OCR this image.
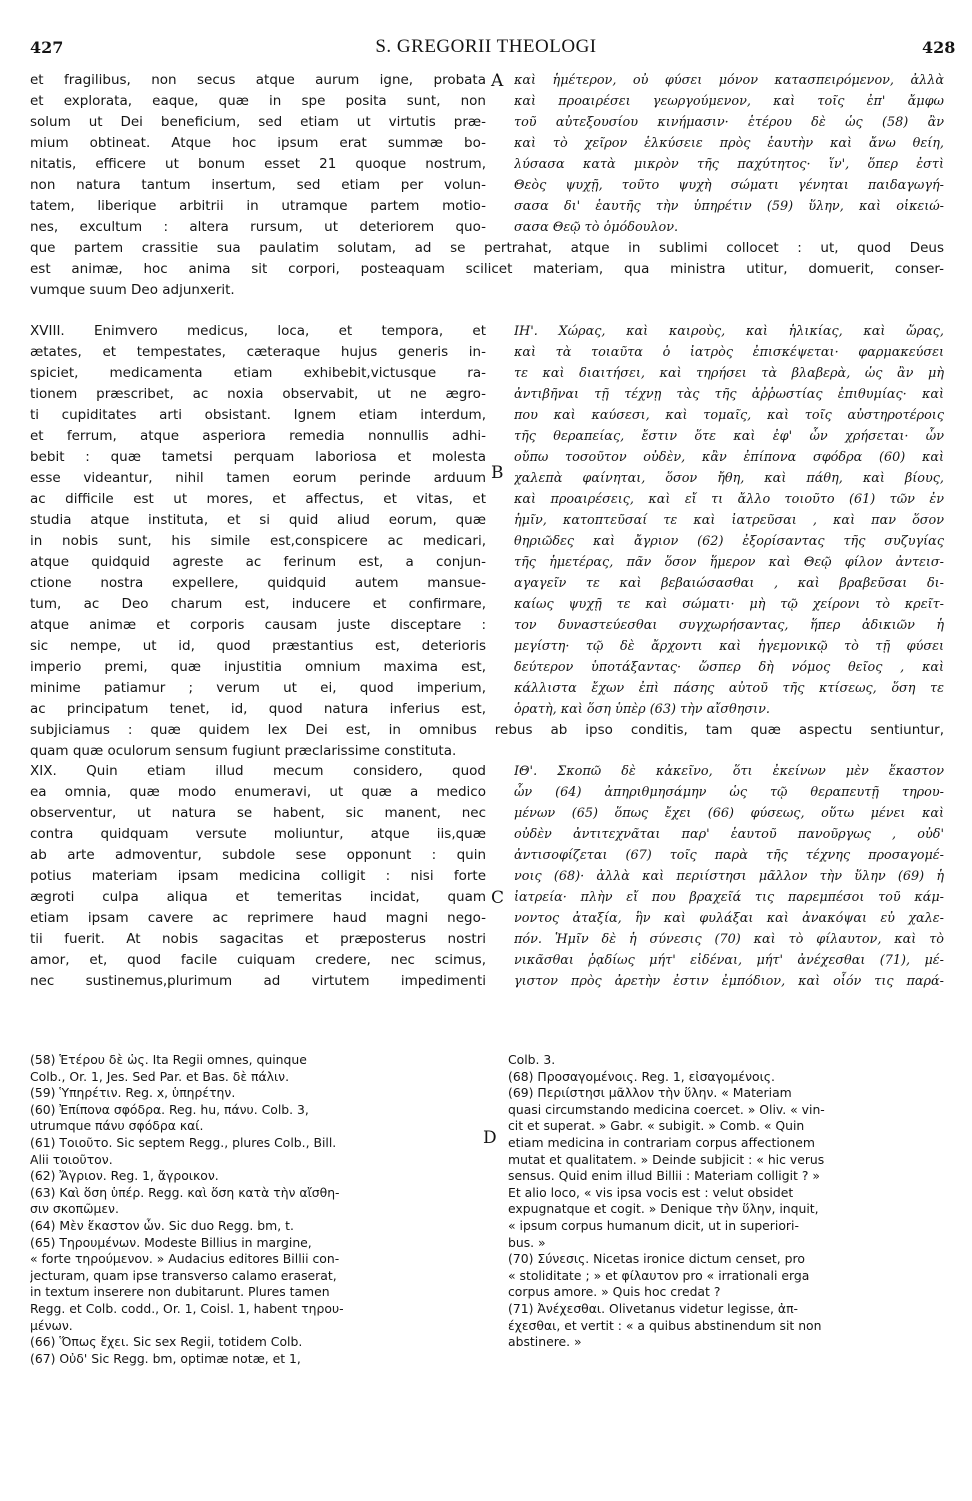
427	S. GREGORII THEOLOGI	428
A
B
C
D
et fragilibus, non secus atque aurum igne, probata
et explorata, eaque, quæ in spe posita sunt, non
solum ut Dei beneficium, sed etiam ut virtutis præ-
mium obtineat. Atque hoc ipsum erat summæ bo-
nitatis, efficere ut bonum esset 21 quoque nostrum,
non natura tantum insertum, sed etiam per volun-
tatem, liberique arbitrii in utramque partem motio-
nes, excultum : altera rursum, ut deteriorem quo-
καὶ ἡμέτερον, οὐ φύσει μόνον κατασπειρόμενον, ἀλλὰ
καὶ προαιρέσει γεωργούμενον, καὶ τοῖς ἐπ' ἄμφω
τοῦ αὐτεξουσίου κινήμασιν· ἑτέρου δὲ ὡς (58) ἂν
καὶ τὸ χεῖρον ἑλκύσειε πρὸς ἑαυτὴν καὶ ἄνω θείη,
λύσασα κατὰ μικρὸν τῆς παχύτητος· ἵν', ὅπερ ἐστὶ
Θεὸς ψυχῇ, τοῦτο ψυχὴ σώματι γένηται παιδαγωγή-
σασα δι' ἑαυτῆς τὴν ὑπηρέτιν (59) ὕλην, καὶ οἰκειώ-
σασα Θεῷ τὸ ὁμόδουλον.
que partem crassitie sua paulatim solutam, ad se pertrahat, atque in sublimi collocet : ut, quod Deus
est animæ, hoc anima sit corpori, posteaquam scilicet materiam, qua ministra utitur, domuerit, conser-
vumque suum Deo adjunxerit.
XVIII. Enimvero medicus, loca, et tempora, et
ætates, et tempestates, cæteraque hujus generis in-
spiciet, medicamenta etiam exhibebit,victusque ra-
tionem præscribet, ac noxia observabit, ut ne ægro-
ti cupiditates arti obsistant. Ignem etiam interdum,
et ferrum, atque asperiora remedia nonnullis adhi-
bebit : quæ tametsi perquam laboriosa et molesta
esse videantur, nihil tamen eorum perinde arduum
ac difficile est ut mores, et affectus, et vitas, et
studia atque instituta, et si quid aliud eorum, quæ
in nobis sunt, his simile est,conspicere ac medicari,
atque quidquid agreste ac ferinum est, a conjun-
ctione nostra expellere, quidquid autem mansue-
tum, ac Deo charum est, inducere et confirmare,
atque animæ et corporis causam juste disceptare :
sic nempe, ut id, quod præstantius est, deterioris
imperio premi, quæ injustitia omnium maxima est,
minime patiamur ; verum ut ei, quod imperium,
ac principatum tenet, id, quod natura inferius est,
ΙΗ'. Χώρας, καὶ καιροὺς, καὶ ἡλικίας, καὶ ὥρας,
καὶ τὰ τοιαῦτα ὁ ἰατρὸς ἐπισκέψεται· φαρμακεύσει
τε καὶ διαιτήσει, καὶ τηρήσει τὰ βλαβερὰ, ὡς ἂν μὴ
ἀντιβῆναι τῇ τέχνῃ τὰς τῆς ἀῤῥωστίας ἐπιθυμίας· καὶ
που καὶ καύσεσι, καὶ τομαῖς, καὶ τοῖς αὐστηροτέροις
τῆς θεραπείας, ἔστιν ὅτε καὶ ἐφ' ὧν χρήσεται· ὧν
οὔπω τοσοῦτον οὐδὲν, κἂν ἐπίπονα σφόδρα (60) καὶ
χαλεπὰ φαίνηται, ὅσον ἤθη, καὶ πάθη, καὶ βίους,
καὶ προαιρέσεις, καὶ εἴ τι ἄλλο τοιοῦτο (61) τῶν ἐν
ἡμῖν, κατοπτεῦσαί τε καὶ ἰατρεῦσαι , καὶ παν ὅσον
θηριῶδες καὶ ἄγριον (62) ἐξορίσαντας τῆς συζυγίας
τῆς ἡμετέρας, πᾶν ὅσον ἥμερον καὶ Θεῷ φίλον ἀντεισ-
αγαγεῖν τε καὶ βεβαιώσασθαι , καὶ βραβεῦσαι δι-
καίως ψυχῇ τε καὶ σώματι· μὴ τῷ χείρονι τὸ κρεῖτ-
τον δυναστεύεσθαι συγχωρήσαντας, ἥπερ ἀδικιῶν ἡ
μεγίστη· τῷ δὲ ἄρχοντι καὶ ἡγεμονικῷ τὸ τῇ φύσει
δεύτερον ὑποτάξαντας· ὥσπερ δὴ νόμος θεῖος , καὶ
κάλλιστα ἔχων ἐπὶ πάσης αὐτοῦ τῆς κτίσεως, ὅση τε
ὁρατὴ, καὶ ὅση ὑπὲρ (63) τὴν αἴσθησιν.
subjiciamus : quæ quidem lex Dei est, in omnibus rebus ab ipso conditis, tam quæ aspectu sentiuntur,
quam quæ oculorum sensum fugiunt præclarissime constituta.
XIX. Quin etiam illud mecum considero, quod
ea omnia, quæ modo enumeravi, ut quæ a medico
observentur, ut natura se habent, sic manent, nec
contra quidquam versute moliuntur, atque iis,quæ
ab arte admoventur, subdole sese opponunt : quin
potius materiam ipsam medicina colligit : nisi forte
ægroti culpa aliqua et temeritas incidat, quam
etiam ipsam cavere ac reprimere haud magni nego-
tii fuerit. At nobis sagacitas et præposterus nostri
amor, et, quod facile cuiquam credere, nec scimus,
nec sustinemus,plurimum ad virtutem impedimenti
ΙΘ'. Σκοπῶ δὲ κἀκεῖνο, ὅτι ἐκείνων μὲν ἕκαστον
ὧν (64) ἀπηριθμησάμην ὡς τῷ θεραπευτῇ τηρου-
μένων (65) ὅπως ἔχει (66) φύσεως, οὕτω μένει καὶ
οὐδὲν ἀντιτεχνᾶται παρ' ἑαυτοῦ πανοῦργως , οὐδ'
ἀντισοφίζεται (67) τοῖς παρὰ τῆς τέχνης προσαγομέ-
νοις (68)· ἀλλὰ καὶ περιίστησι μᾶλλον τὴν ὕλην (69) ἡ
ἰατρεία· πλὴν εἴ που βραχεῖά τις παρεμπέσοι τοῦ κάμ-
νοντος ἀταξία, ἣν καὶ φυλάξαι καὶ ἀνακόψαι εὐ χαλε-
πόν. Ἡμῖν δὲ ἡ σύνεσις (70) καὶ τὸ φίλαυτον, καὶ τὸ
νικᾶσθαι ῥᾳδίως μήτ' εἰδέναι, μήτ' ἀνέχεσθαι (71), μέ-
γιστον πρὸς ἀρετὴν ἐστιν ἐμπόδιον, καὶ οἷόν τις παρά-
(58) Ἑτέρου δὲ ὡς. Ita Regii omnes, quinque
Colb., Or. 1, Jes. Sed Par. et Bas. δὲ πάλιν.
(59) Ὑπηρέτιν. Reg. x, ὑπηρέτην.
(60) Ἐπίπονα σφόδρα. Reg. hu, πάνυ. Colb. 3,
utrumque πάνυ σφόδρα καί.
(61) Τοιοῦτο. Sic septem Regg., plures Colb., Bill.
Alii τοιοῦτον.
(62) Ἄγριον. Reg. 1, ἄγροικον.
(63) Καὶ ὅση ὑπέρ. Regg. καὶ ὅση κατὰ τὴν αἴσθη-
σιν σκοπῶμεν.
(64) Μὲν ἕκαστον ὧν. Sic duo Regg. bm, t.
(65) Τηρουμένων. Modeste Billius in margine,
« forte τηρούμενον. » Audacius editores Billii con-
jecturam, quam ipse transverso calamo eraserat,
in textum inserere non dubitarunt. Plures tamen
Regg. et Colb. codd., Or. 1, Coisl. 1, habent τηρου-
μένων.
(66) Ὅπως ἔχει. Sic sex Regii, totidem Colb.
(67) Οὐδ' Sic Regg. bm, optimæ notæ, et 1,
Colb. 3.
(68) Προσαγομένοις. Reg. 1, εἰσαγομένοις.
(69) Περιίστησι μᾶλλον τὴν ὕλην. « Materiam
quasi circumstando medicina coercet. » Oliv. « vin-
cit et superat. » Gabr. « subigit. » Comb. « Quin
etiam medicina in contrariam corpus affectionem
mutat et qualitatem. » Deinde subjicit : « hic verus
sensus. Quid enim illud Billii : Materiam colligit ? »
Et alio loco, « vis ipsa vocis est : velut obsidet
expugnatque et cogit. » Denique τὴν ὕλην, inquit,
« ipsum corpus humanum dicit, ut in superiori-
bus. »
(70) Σύνεσις. Nicetas ironice dictum censet, pro
« stoliditate ; » et φίλαυτον pro « irrationali erga
corpus amore. » Quis hoc credat ?
(71) Ἀνέχεσθαι. Olivetanus videtur legisse, ἀπ-
έχεσθαι, et vertit : « a quibus abstinendum sit non
abstinere. »
